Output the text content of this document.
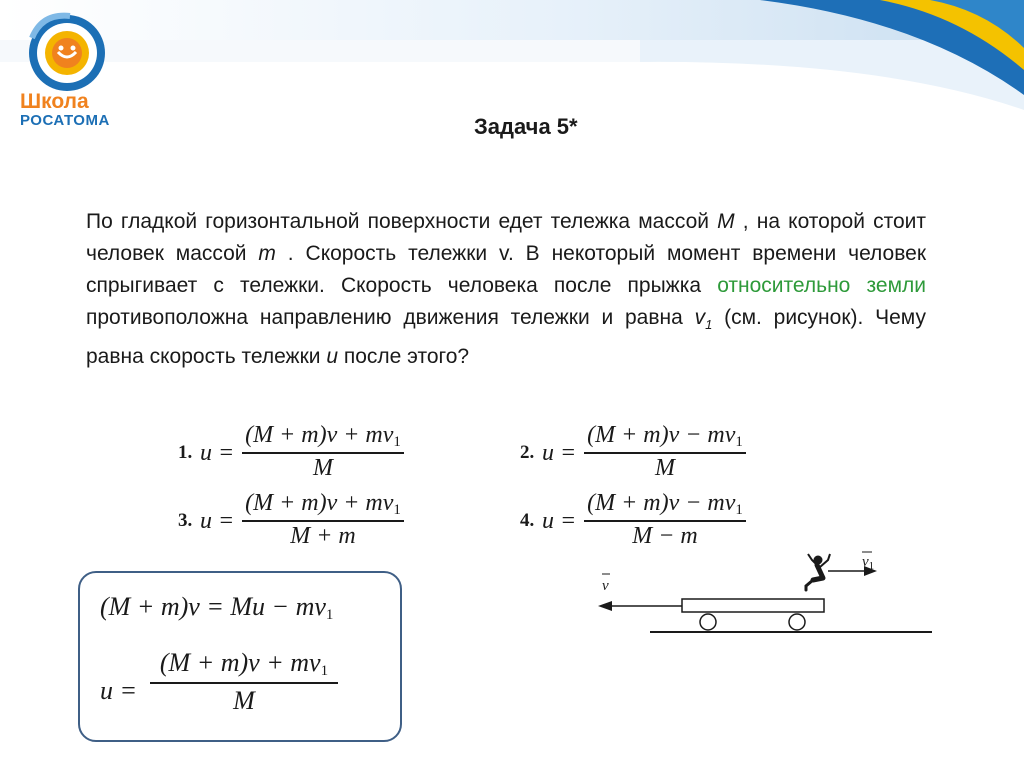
Школа
РОСАТОМА	Задача 5*
По гладкой горизонтальной поверхности едет тележка массой M , на которой стоит человек массой m . Скорость тележки v. В некоторый момент времени человек спрыгивает с тележки. Скорость человека после прыжка относительно земли противоположна направлению движения тележки и равна $v_1$ (см. рисунок). Чему равна скорость тележки u после этого?
1. u =
$(M + m)v + mv_1$
M
2. u =
$(M + m)v - mv_1$
M
3. u =
$(M + m)v + mv_1$
M + m
4. u =
$(M + m)v - mv_1$
M − m
$(M + m)v = Mu - mv_1$
u =
$(M + m)v + mv_1$
M
v
$v_1$
